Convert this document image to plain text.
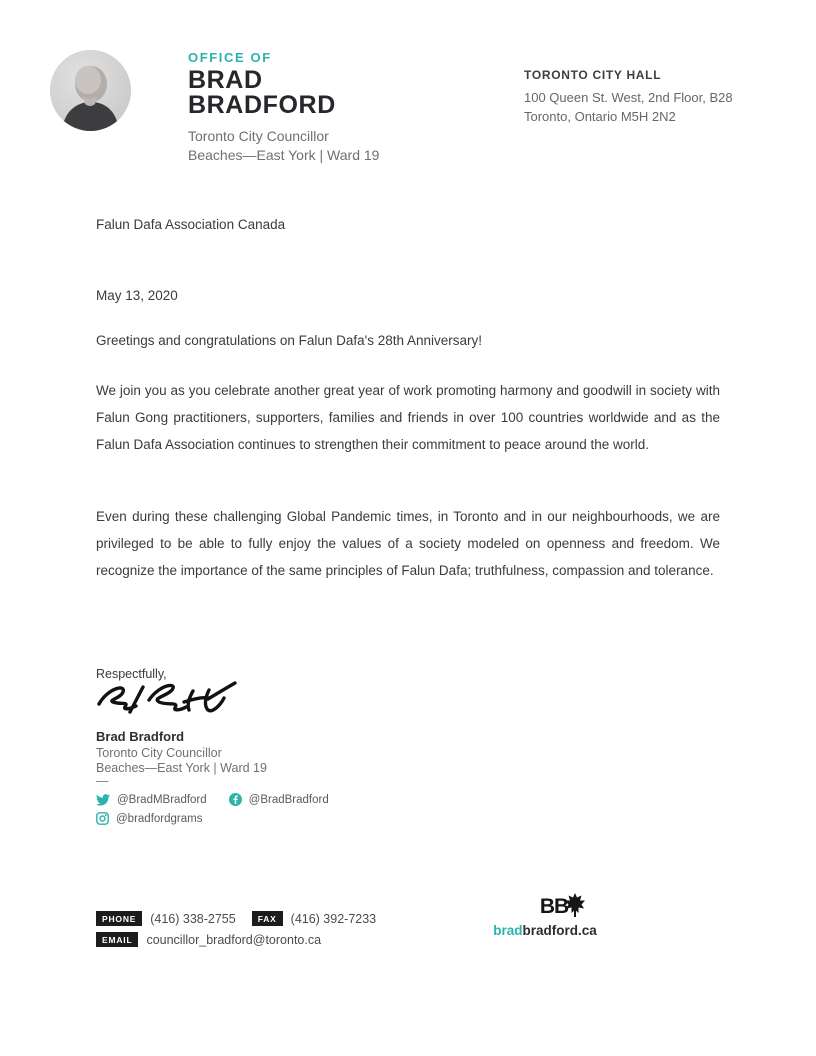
OFFICE OF
BRAD
BRADFORD
Toronto City Councillor
Beaches—East York | Ward 19
TORONTO CITY HALL
100 Queen St. West, 2nd Floor, B28
Toronto, Ontario M5H 2N2
Falun Dafa Association Canada
May 13, 2020
Greetings and congratulations on Falun Dafa's 28th Anniversary!

We join you as you celebrate another great year of work promoting harmony and goodwill in society with Falun Gong practitioners, supporters, families and friends in over 100 countries worldwide and as the Falun Dafa Association continues to strengthen their commitment to peace around the world.

Even during these challenging Global Pandemic times, in Toronto and in our neighbourhoods, we are privileged to be able to fully enjoy the values of a society modeled on openness and freedom. We recognize the importance of the same principles of Falun Dafa; truthfulness, compassion and tolerance.

Respectfully,
Brad Bradford
Toronto City Councillor
Beaches—East York | Ward 19
—
@BradMBradford	@BradBradford
@bradfordgrams
PHONE	(416) 338-2755	FAX	(416) 392-7233
EMAIL	councillor_bradford@toronto.ca
BB
bradbradford.ca
